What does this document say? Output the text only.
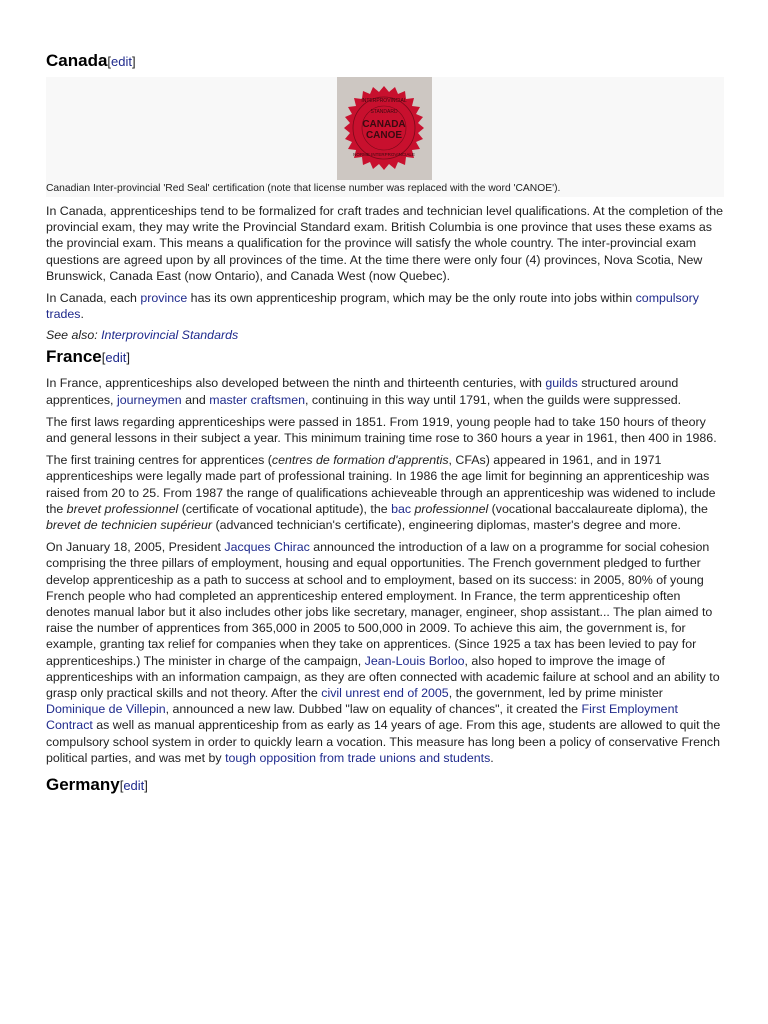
Canada[edit]
INTERPROVINCIAL
STANDARD
CANADA
CANOE
NORME INTERPROVINCIALE
Canadian Inter-provincial 'Red Seal' certification (note that license number was replaced with the word 'CANOE').

In Canada, apprenticeships tend to be formalized for craft trades and technician level qualifications. At the completion of the provincial exam, they may write the Provincial Standard exam. British Columbia is one province that uses these exams as the provincial exam. This means a qualification for the province will satisfy the whole country. The inter-provincial exam questions are agreed upon by all provinces of the time. At the time there were only four (4) provinces, Nova Scotia, New Brunswick, Canada East (now Ontario), and Canada West (now Quebec).

In Canada, each province has its own apprenticeship program, which may be the only route into jobs within compulsory trades.

See also: Interprovincial Standards
France[edit]

In France, apprenticeships also developed between the ninth and thirteenth centuries, with guilds structured around apprentices, journeymen and master craftsmen, continuing in this way until 1791, when the guilds were suppressed.

The first laws regarding apprenticeships were passed in 1851. From 1919, young people had to take 150 hours of theory and general lessons in their subject a year. This minimum training time rose to 360 hours a year in 1961, then 400 in 1986.

The first training centres for apprentices (centres de formation d'apprentis, CFAs) appeared in 1961, and in 1971 apprenticeships were legally made part of professional training. In 1986 the age limit for beginning an apprenticeship was raised from 20 to 25. From 1987 the range of qualifications achieveable through an apprenticeship was widened to include the brevet professionnel (certificate of vocational aptitude), the bac professionnel (vocational baccalaureate diploma), the brevet de technicien supérieur (advanced technician's certificate), engineering diplomas, master's degree and more.

On January 18, 2005, President Jacques Chirac announced the introduction of a law on a programme for social cohesion comprising the three pillars of employment, housing and equal opportunities. The French government pledged to further develop apprenticeship as a path to success at school and to employment, based on its success: in 2005, 80% of young French people who had completed an apprenticeship entered employment. In France, the term apprenticeship often denotes manual labor but it also includes other jobs like secretary, manager, engineer, shop assistant... The plan aimed to raise the number of apprentices from 365,000 in 2005 to 500,000 in 2009. To achieve this aim, the government is, for example, granting tax relief for companies when they take on apprentices. (Since 1925 a tax has been levied to pay for apprenticeships.) The minister in charge of the campaign, Jean-Louis Borloo, also hoped to improve the image of apprenticeships with an information campaign, as they are often connected with academic failure at school and an ability to grasp only practical skills and not theory. After the civil unrest end of 2005, the government, led by prime minister Dominique de Villepin, announced a new law. Dubbed "law on equality of chances", it created the First Employment Contract as well as manual apprenticeship from as early as 14 years of age. From this age, students are allowed to quit the compulsory school system in order to quickly learn a vocation. This measure has long been a policy of conservative French political parties, and was met by tough opposition from trade unions and students.

Germany[edit]
